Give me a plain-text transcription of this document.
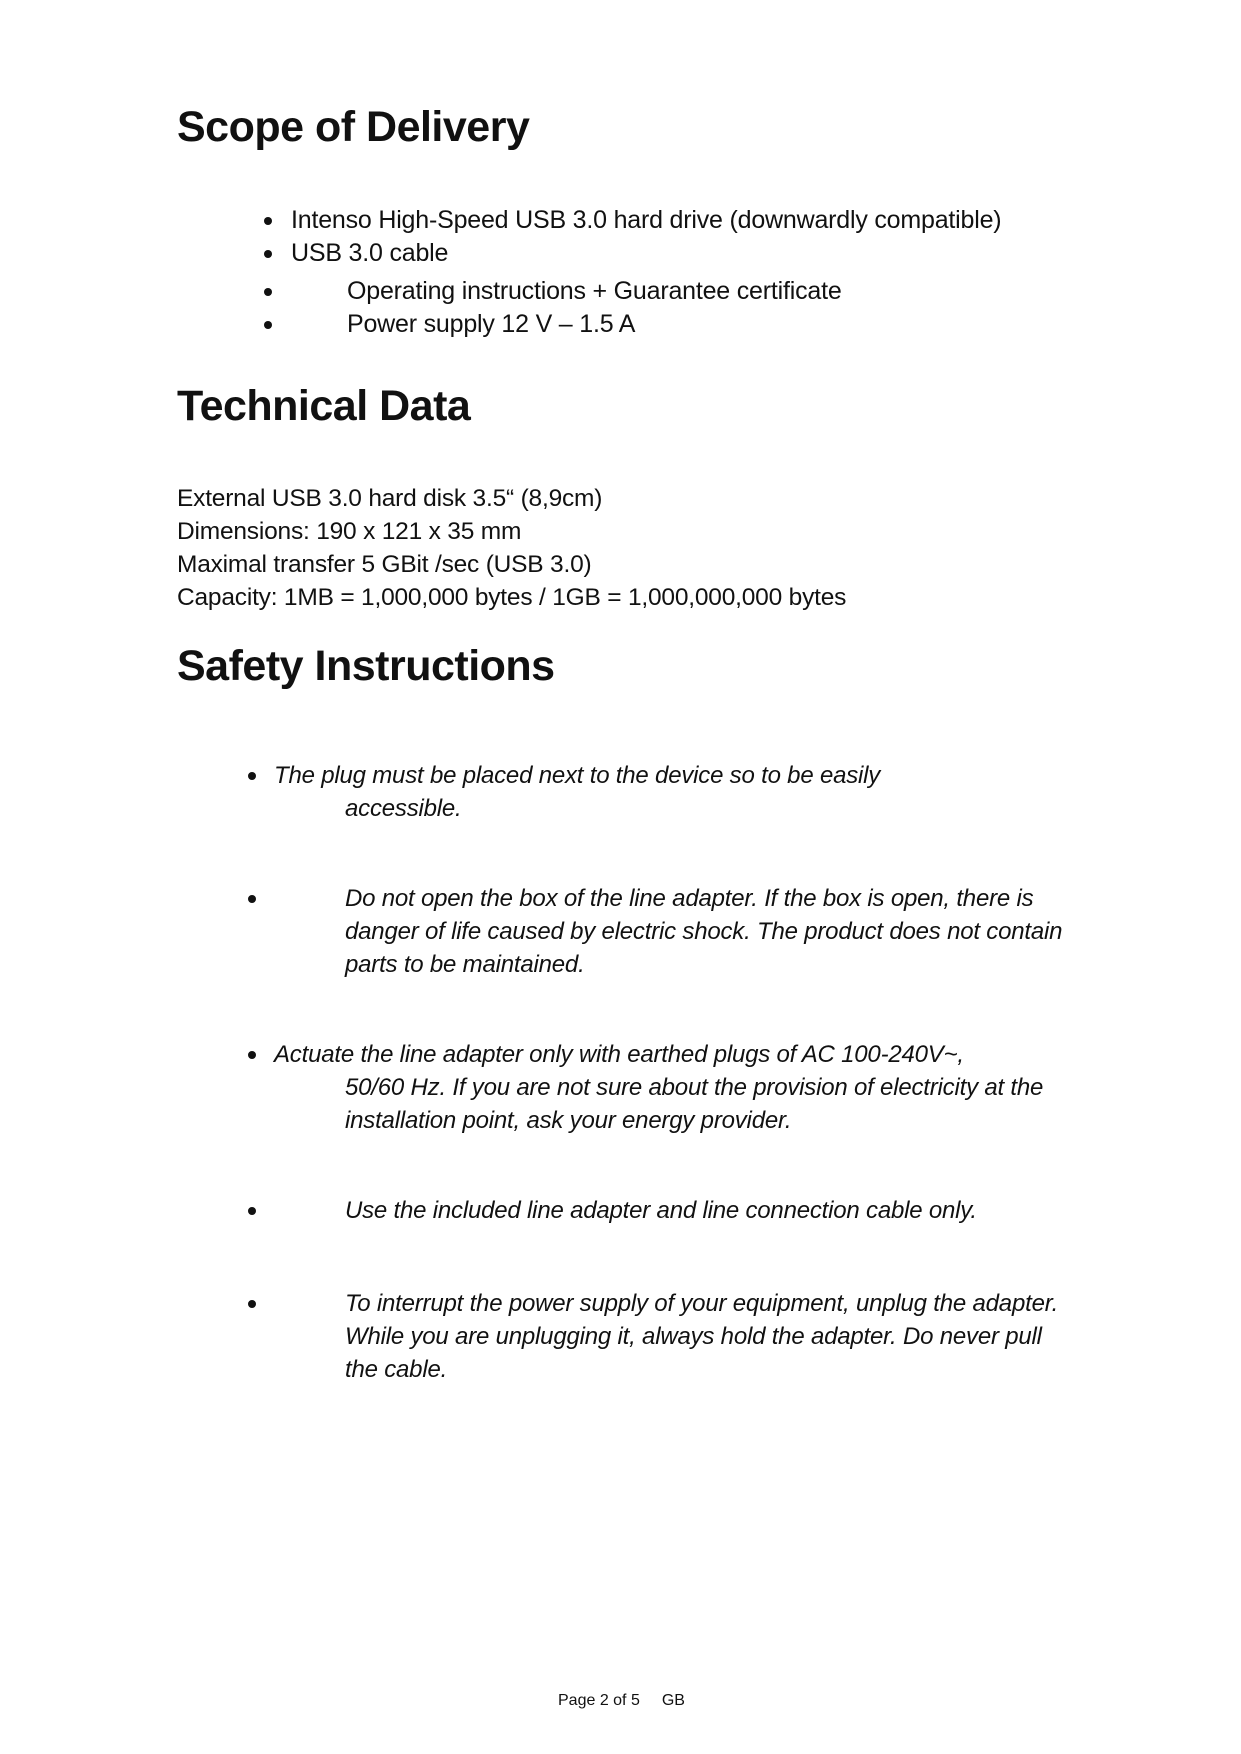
Scope of Delivery

Intenso High-Speed USB 3.0 hard drive (downwardly compatible)

USB 3.0 cable

Operating instructions + Guarantee certificate

Power supply 12 V – 1.5 A

Technical Data

External USB 3.0 hard disk 3.5“ (8,9cm)

Dimensions: 190 x 121 x 35 mm

Maximal transfer 5 GBit /sec (USB 3.0)

Capacity: 1MB = 1,000,000 bytes / 1GB = 1,000,000,000 bytes

Safety Instructions
The plug must be placed next to the device so to be easily
accessible.
Do not open the box of the line adapter. If the box is open, there is
danger of life caused by electric shock. The product does not contain
parts to be maintained.
Actuate the line adapter only with earthed plugs of AC 100-240V~,
50/60 Hz. If you are not sure about the provision of electricity at the
installation point, ask your energy provider.
Use the included line adapter and line connection cable only.
To interrupt the power supply of your equipment, unplug the adapter.
While you are unplugging it, always hold the adapter. Do never pull
the cable.
Page 2 of 5 GB
